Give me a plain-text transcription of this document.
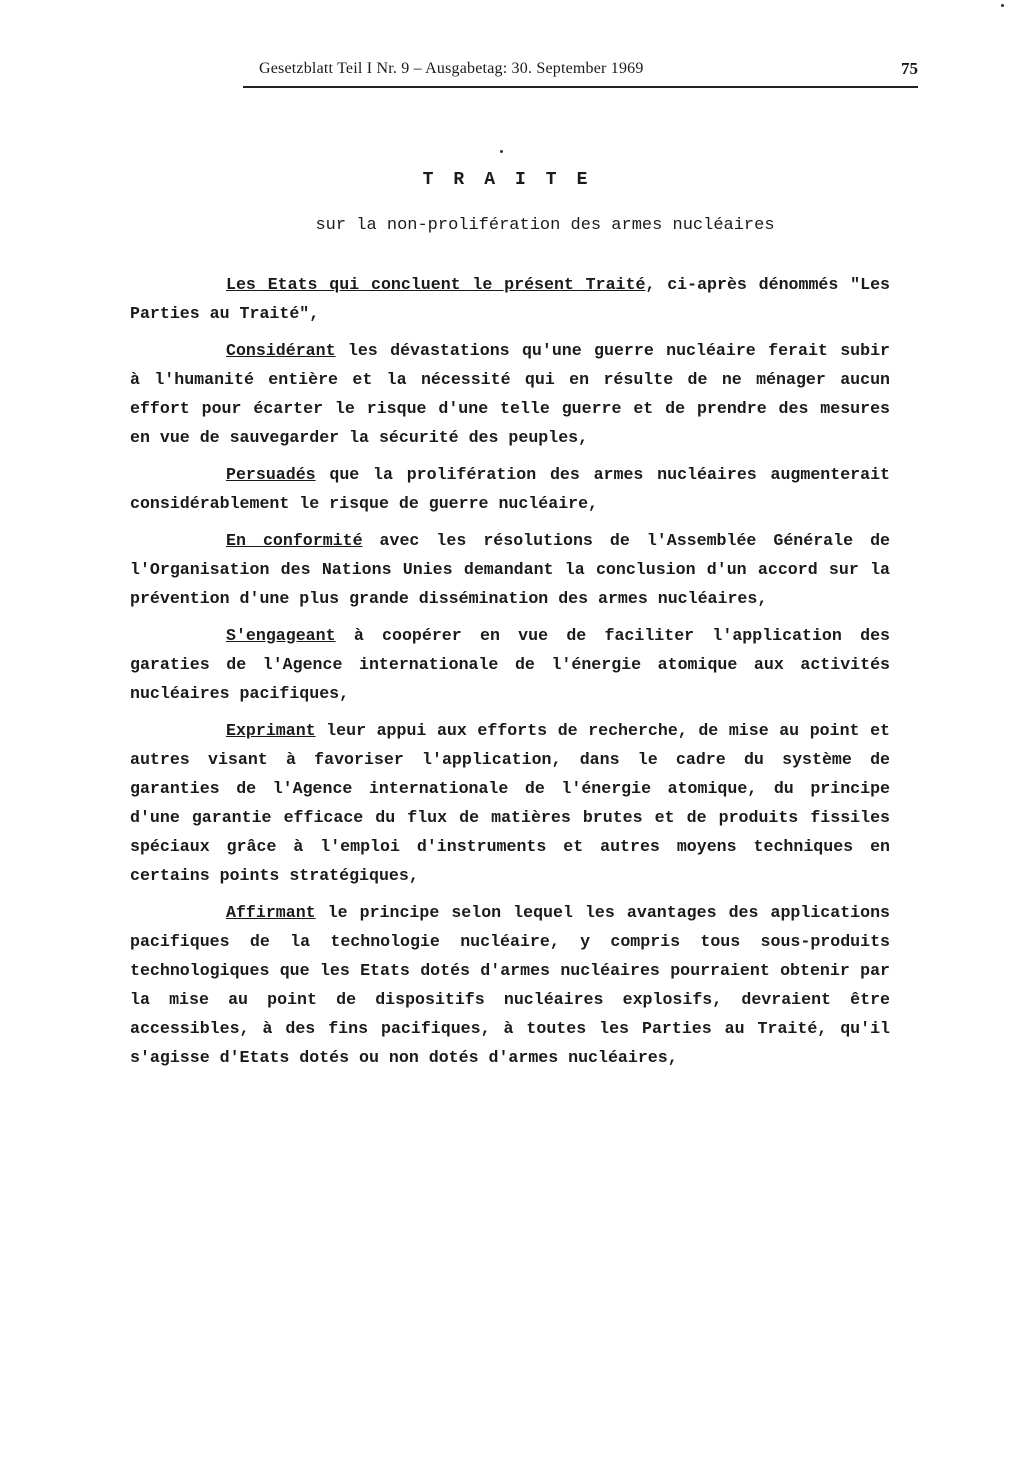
Gesetzblatt Teil I Nr. 9 – Ausgabetag: 30. September 1969	75
TRAITE
sur la non-prolifération des armes nucléaires

Les Etats qui concluent le présent Traité, ci-après dénommés "Les Parties au Traité",

Considérant les dévastations qu'une guerre nucléaire ferait subir à l'humanité entière et la nécessité qui en résulte de ne ménager aucun effort pour écarter le risque d'une telle guerre et de prendre des mesures en vue de sauvegarder la sécurité des peuples,

Persuadés que la prolifération des armes nucléaires augmenterait considérablement le risque de guerre nucléaire,

En conformité avec les résolutions de l'Assemblée Générale de l'Organisation des Nations Unies demandant la conclusion d'un accord sur la prévention d'une plus grande dissémination des armes nucléaires,

S'engageant à coopérer en vue de faciliter l'application des garaties de l'Agence internationale de l'énergie atomique aux activités nucléaires pacifiques,

Exprimant leur appui aux efforts de recherche, de mise au point et autres visant à favoriser l'application, dans le cadre du système de garanties de l'Agence internationale de l'énergie atomique, du principe d'une garantie efficace du flux de matières brutes et de produits fissiles spéciaux grâce à l'emploi d'instruments et autres moyens techniques en certains points stratégiques,

Affirmant le principe selon lequel les avantages des applications pacifiques de la technologie nucléaire, y compris tous sous-produits technologiques que les Etats dotés d'armes nucléaires pourraient obtenir par la mise au point de dispositifs nucléaires explosifs, devraient être accessibles, à des fins pacifiques, à toutes les Parties au Traité, qu'il s'agisse d'Etats dotés ou non dotés d'armes nucléaires,
